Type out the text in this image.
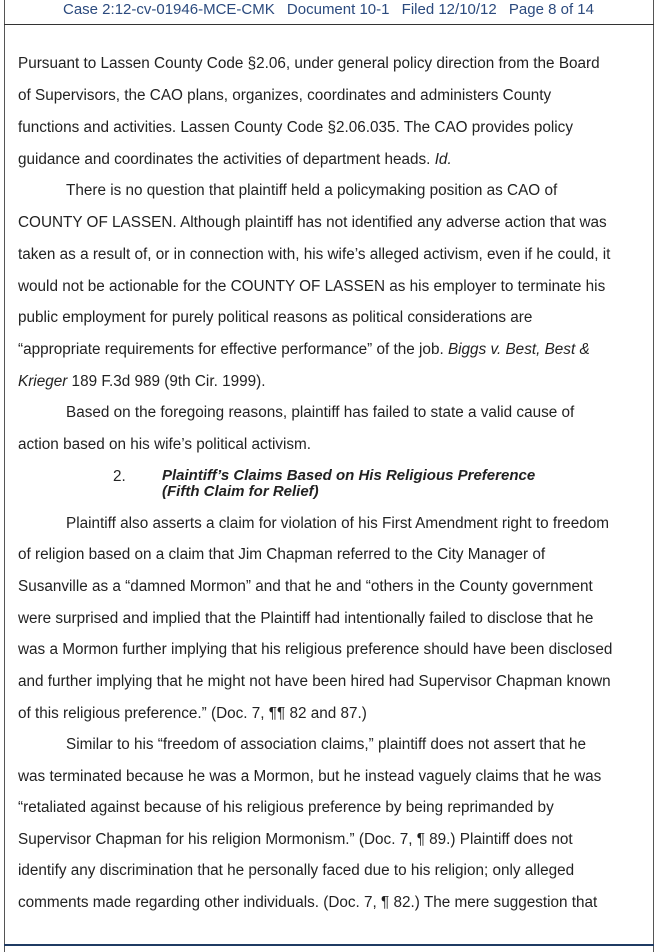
Case 2:12-cv-01946-MCE-CMK Document 10-1 Filed 12/10/12 Page 8 of 14
Pursuant to Lassen County Code §2.06, under general policy direction from the Board
of Supervisors, the CAO plans, organizes, coordinates and administers County
functions and activities. Lassen County Code §2.06.035. The CAO provides policy
guidance and coordinates the activities of department heads. Id.
There is no question that plaintiff held a policymaking position as CAO of
COUNTY OF LASSEN. Although plaintiff has not identified any adverse action that was
taken as a result of, or in connection with, his wife’s alleged activism, even if he could, it
would not be actionable for the COUNTY OF LASSEN as his employer to terminate his
public employment for purely political reasons as political considerations are
“appropriate requirements for effective performance” of the job. Biggs v. Best, Best &
Krieger 189 F.3d 989 (9th Cir. 1999).
Based on the foregoing reasons, plaintiff has failed to state a valid cause of
action based on his wife’s political activism.
2. Plaintiff’s Claims Based on His Religious Preference
(Fifth Claim for Relief)
Plaintiff also asserts a claim for violation of his First Amendment right to freedom
of religion based on a claim that Jim Chapman referred to the City Manager of
Susanville as a “damned Mormon” and that he and “others in the County government
were surprised and implied that the Plaintiff had intentionally failed to disclose that he
was a Mormon further implying that his religious preference should have been disclosed
and further implying that he might not have been hired had Supervisor Chapman known
of this religious preference.” (Doc. 7, ¶¶ 82 and 87.)
Similar to his “freedom of association claims,” plaintiff does not assert that he
was terminated because he was a Mormon, but he instead vaguely claims that he was
“retaliated against because of his religious preference by being reprimanded by
Supervisor Chapman for his religion Mormonism.” (Doc. 7, ¶ 89.) Plaintiff does not
identify any discrimination that he personally faced due to his religion; only alleged
comments made regarding other individuals. (Doc. 7, ¶ 82.) The mere suggestion that
